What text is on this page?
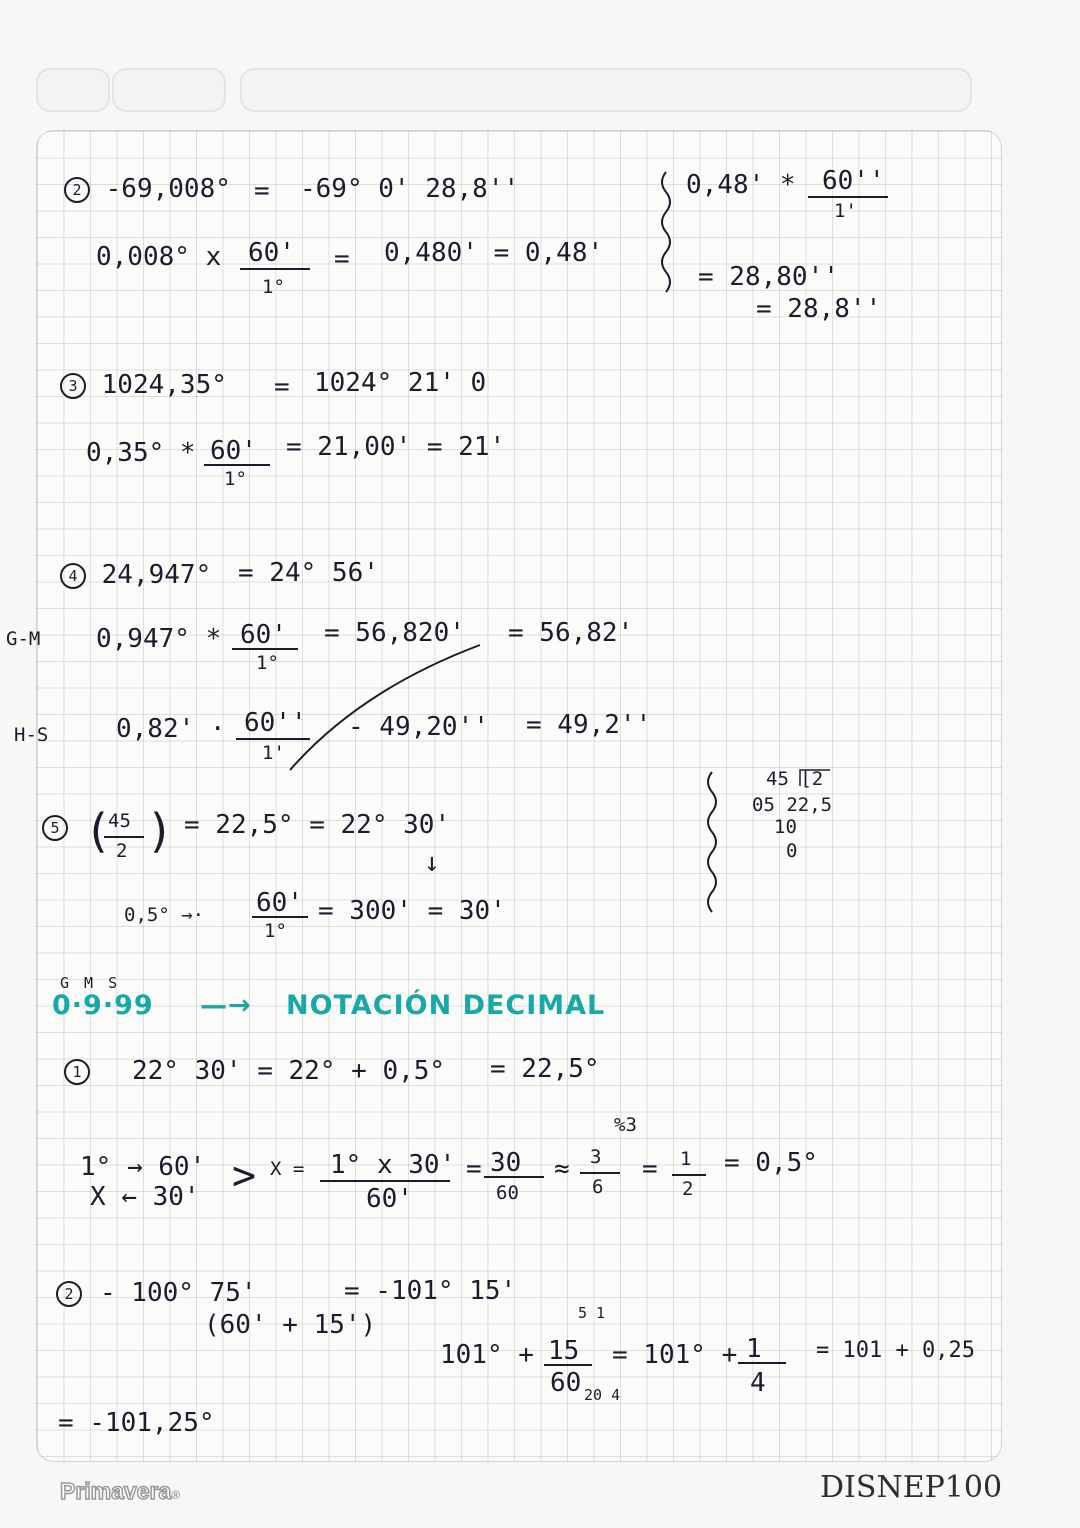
2 -69,008° = -69° 0' 28,8''
0,008° x 60'
1°
= 0,480' = 0,48'
0,48' * 60''
1'
= 28,80''
= 28,8''
3 1024,35° = 1024° 21' 0
0,35° * 60'
1°
= 21,00' = 21'
4 24,947° = 24° 56'
G-M 0,947° * 60'
1°
= 56,820' = 56,82'
H-S	0,82' · 60''
1'
- 49,20'' = 49,2''
5 (
45
2 ) = 22,5° = 22° 30'
↓
0,5° →· 60'
1°
= 300' = 30'
45 ⌊2
05 22,5
10
0
G M S
0·9·99 —→ NOTACIÓN DECIMAL
1	22° 30' = 22° + 0,5° = 22,5°
1° → 60'
X ← 30' > X = 1° x 30'
60'
= 30
60
≈
%3
3
6
= 1
2
= 0,5°
2	- 100° 75'
(60' + 15')
= -101° 15'
101° +
5 1
15
60 20 4
= 101° + 1
4
= 101 + 0,25
= -101,25°
Primavera®	DISNEP100
